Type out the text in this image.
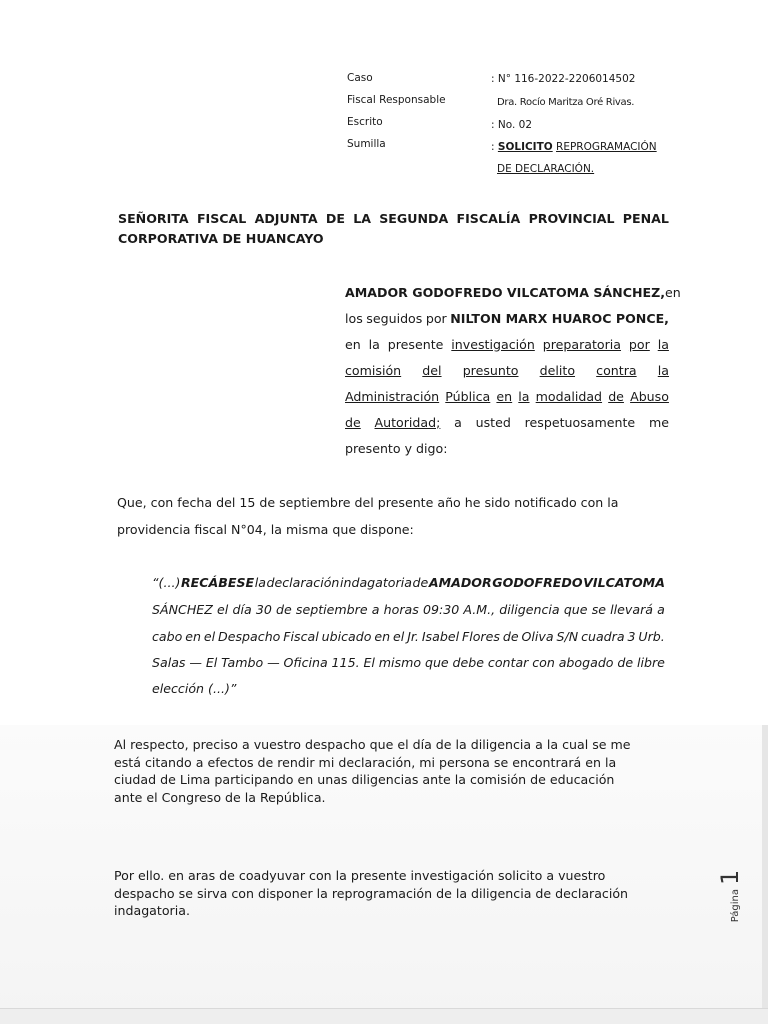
Caso	: N° 116-2022-2206014502
Fiscal Responsable	Dra. Rocío Maritza Oré Rivas.
Escrito	: No. 02
Sumilla	: SOLICITO REPROGRAMACIÓN
DE DECLARACIÓN.
SEÑORITA FISCAL ADJUNTA DE LA SEGUNDA FISCALÍA PROVINCIAL PENAL
CORPORATIVA DE HUANCAYO
AMADOR GODOFREDO VILCATOMA SÁNCHEZ, en
los seguidos por NILTON MARX HUAROC PONCE,
en la presente investigación preparatoria por la
comisión del presunto delito contra la
Administración Pública en la modalidad de Abuso
de Autoridad; a usted respetuosamente me
presento y digo:
Que, con fecha del 15 de septiembre del presente año he sido notificado con la
providencia fiscal N°04, la misma que dispone:
“(...) RECÁBESE la declaración indagatoria de AMADOR GODOFREDO VILCATOMA
SÁNCHEZ el día 30 de septiembre a horas 09:30 A.M., diligencia que se llevará a
cabo en el Despacho Fiscal ubicado en el Jr. Isabel Flores de Oliva S/N cuadra 3 Urb.
Salas — El Tambo — Oficina 115. El mismo que debe contar con abogado de libre
elección (...)”
Al respecto, preciso a vuestro despacho que el día de la diligencia a la cual se me está citando a efectos de rendir mi declaración, mi persona se encontrará en la ciudad de Lima participando en unas diligencias ante la comisión de educación ante el Congreso de la República.
Por ello. en aras de coadyuvar con la presente investigación solicito a vuestro despacho se sirva con disponer la reprogramación de la diligencia de declaración indagatoria.	Página
1
